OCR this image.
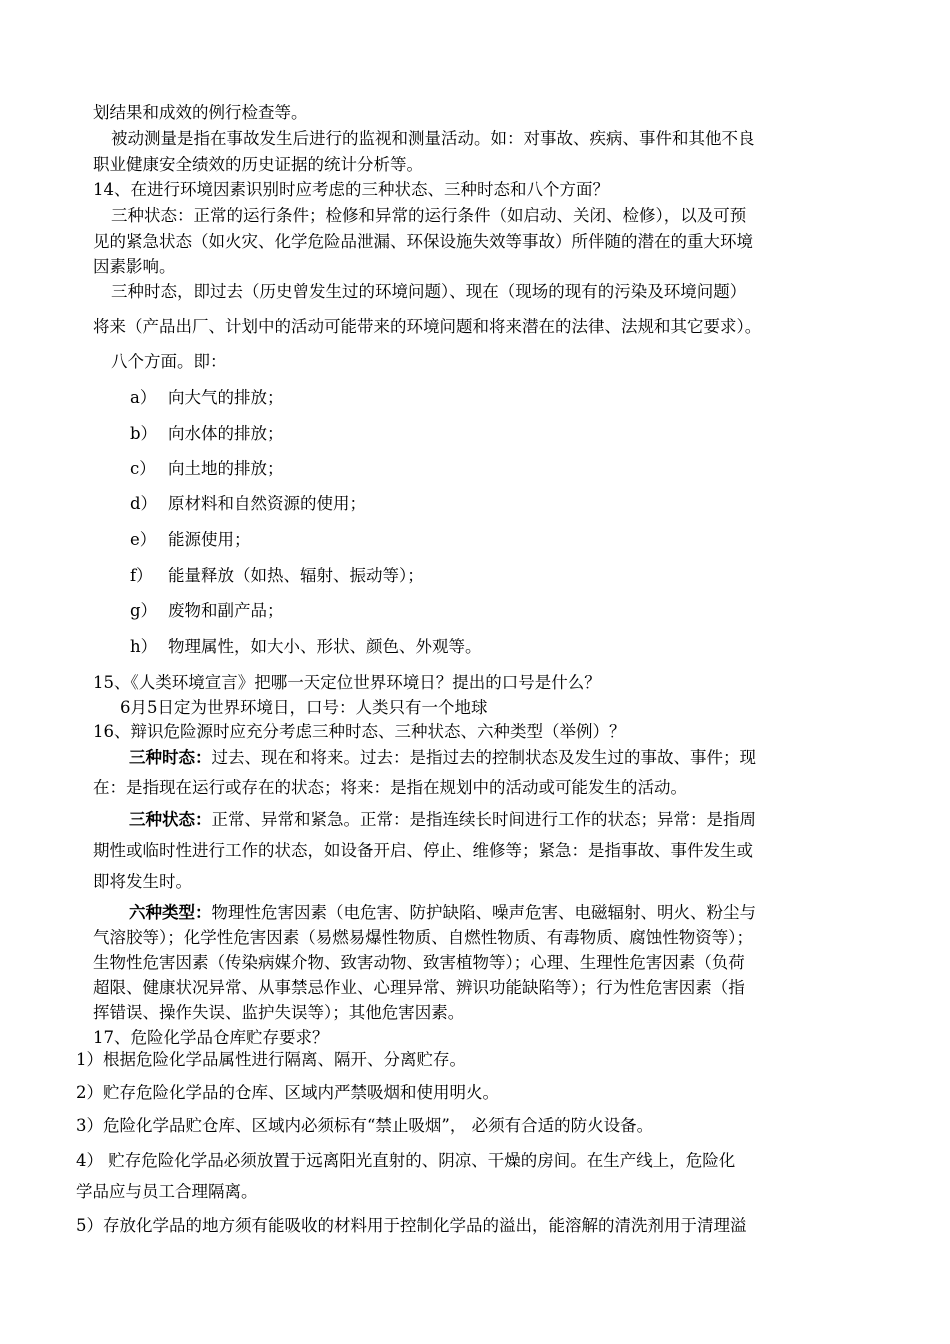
划结果和成效的例行检查等。
被动测量是指在事故发生后进行的监视和测量活动。如：对事故、疾病、事件和其他不良
职业健康安全绩效的历史证据的统计分析等。
14、在进行环境因素识别时应考虑的三种状态、三种时态和八个方面？
三种状态：正常的运行条件；检修和异常的运行条件（如启动、关闭、检修），以及可预
见的紧急状态（如火灾、化学危险品泄漏、环保设施失效等事故）所伴随的潜在的重大环境
因素影响。
三种时态，即过去（历史曾发生过的环境问题）、现在（现场的现有的污染及环境问题）
将来（产品出厂、计划中的活动可能带来的环境问题和将来潜在的法律、法规和其它要求）。
八个方面。即：
a） 向大气的排放；
b） 向水体的排放；
c） 向土地的排放；
d） 原材料和自然资源的使用；
e） 能源使用；
f） 能量释放（如热、辐射、振动等）；
g） 废物和副产品；
h） 物理属性，如大小、形状、颜色、外观等。
15、《人类环境宣言》把哪一天定位世界环境日？提出的口号是什么？
6月5日定为世界环境日，口号：人类只有一个地球
16、辩识危险源时应充分考虑三种时态、三种状态、六种类型（举例）？
三种时态：过去、现在和将来。过去：是指过去的控制状态及发生过的事故、事件；现
在：是指现在运行或存在的状态；将来：是指在规划中的活动或可能发生的活动。
三种状态：正常、异常和紧急。正常：是指连续长时间进行工作的状态；异常：是指周
期性或临时性进行工作的状态，如设备开启、停止、维修等；紧急：是指事故、事件发生或
即将发生时。
六种类型：物理性危害因素（电危害、防护缺陷、噪声危害、电磁辐射、明火、粉尘与
气溶胶等）；化学性危害因素（易燃易爆性物质、自燃性物质、有毒物质、腐蚀性物资等）；
生物性危害因素（传染病媒介物、致害动物、致害植物等）；心理、生理性危害因素（负荷
超限、健康状况异常、从事禁忌作业、心理异常、辨识功能缺陷等）；行为性危害因素（指
挥错误、操作失误、监护失误等）；其他危害因素。
17、危险化学品仓库贮存要求？
1）根据危险化学品属性进行隔离、隔开、分离贮存。
2）贮存危险化学品的仓库、区域内严禁吸烟和使用明火。
3）危险化学品贮仓库、区域内必须标有“禁止吸烟”， 必须有合适的防火设备。
4） 贮存危险化学品必须放置于远离阳光直射的、阴凉、干燥的房间。在生产线上，危险化
学品应与员工合理隔离。
5）存放化学品的地方须有能吸收的材料用于控制化学品的溢出，能溶解的清洗剂用于清理溢
